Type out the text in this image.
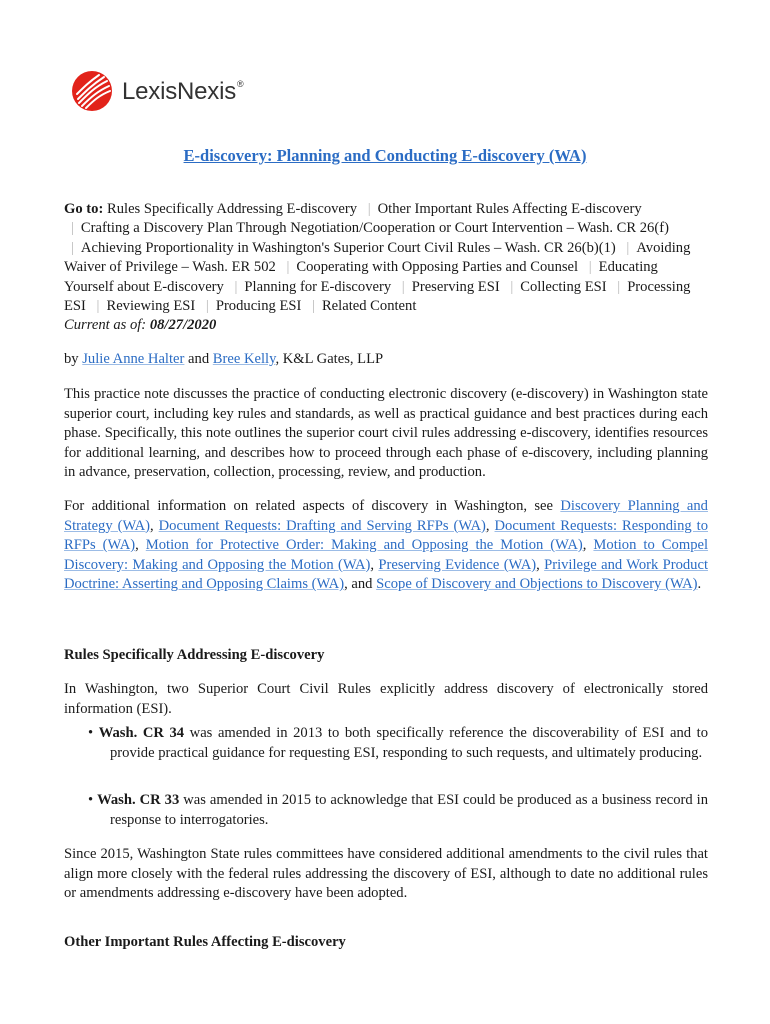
LexisNexis®
E-discovery: Planning and Conducting E-discovery (WA)
Go to: Rules Specifically Addressing E-discovery | Other Important Rules Affecting E-discovery | Crafting a Discovery Plan Through Negotiation/Cooperation or Court Intervention – Wash. CR 26(f) | Achieving Proportionality in Washington's Superior Court Civil Rules – Wash. CR 26(b)(1) | Avoiding Waiver of Privilege – Wash. ER 502 | Cooperating with Opposing Parties and Counsel | Educating Yourself about E-discovery | Planning for E-discovery | Preserving ESI | Collecting ESI | Processing ESI | Reviewing ESI | Producing ESI | Related Content
Current as of: 08/27/2020
by Julie Anne Halter and Bree Kelly, K&L Gates, LLP

This practice note discusses the practice of conducting electronic discovery (e-discovery) in Washington state superior court, including key rules and standards, as well as practical guidance and best practices during each phase. Specifically, this note outlines the superior court civil rules addressing e-discovery, identifies resources for additional learning, and describes how to proceed through each phase of e-discovery, including planning in advance, preservation, collection, processing, review, and production.

For additional information on related aspects of discovery in Washington, see Discovery Planning and Strategy (WA), Document Requests: Drafting and Serving RFPs (WA), Document Requests: Responding to RFPs (WA), Motion for Protective Order: Making and Opposing the Motion (WA), Motion to Compel Discovery: Making and Opposing the Motion (WA), Preserving Evidence (WA), Privilege and Work Product Doctrine: Asserting and Opposing Claims (WA), and Scope of Discovery and Objections to Discovery (WA).

Rules Specifically Addressing E-discovery

In Washington, two Superior Court Civil Rules explicitly address discovery of electronically stored information (ESI).

• Wash. CR 34 was amended in 2013 to both specifically reference the discoverability of ESI and to provide practical guidance for requesting ESI, responding to such requests, and ultimately producing.

• Wash. CR 33 was amended in 2015 to acknowledge that ESI could be produced as a business record in response to interrogatories.

Since 2015, Washington State rules committees have considered additional amendments to the civil rules that align more closely with the federal rules addressing the discovery of ESI, although to date no additional rules or amendments addressing e-discovery have been adopted.

Other Important Rules Affecting E-discovery
